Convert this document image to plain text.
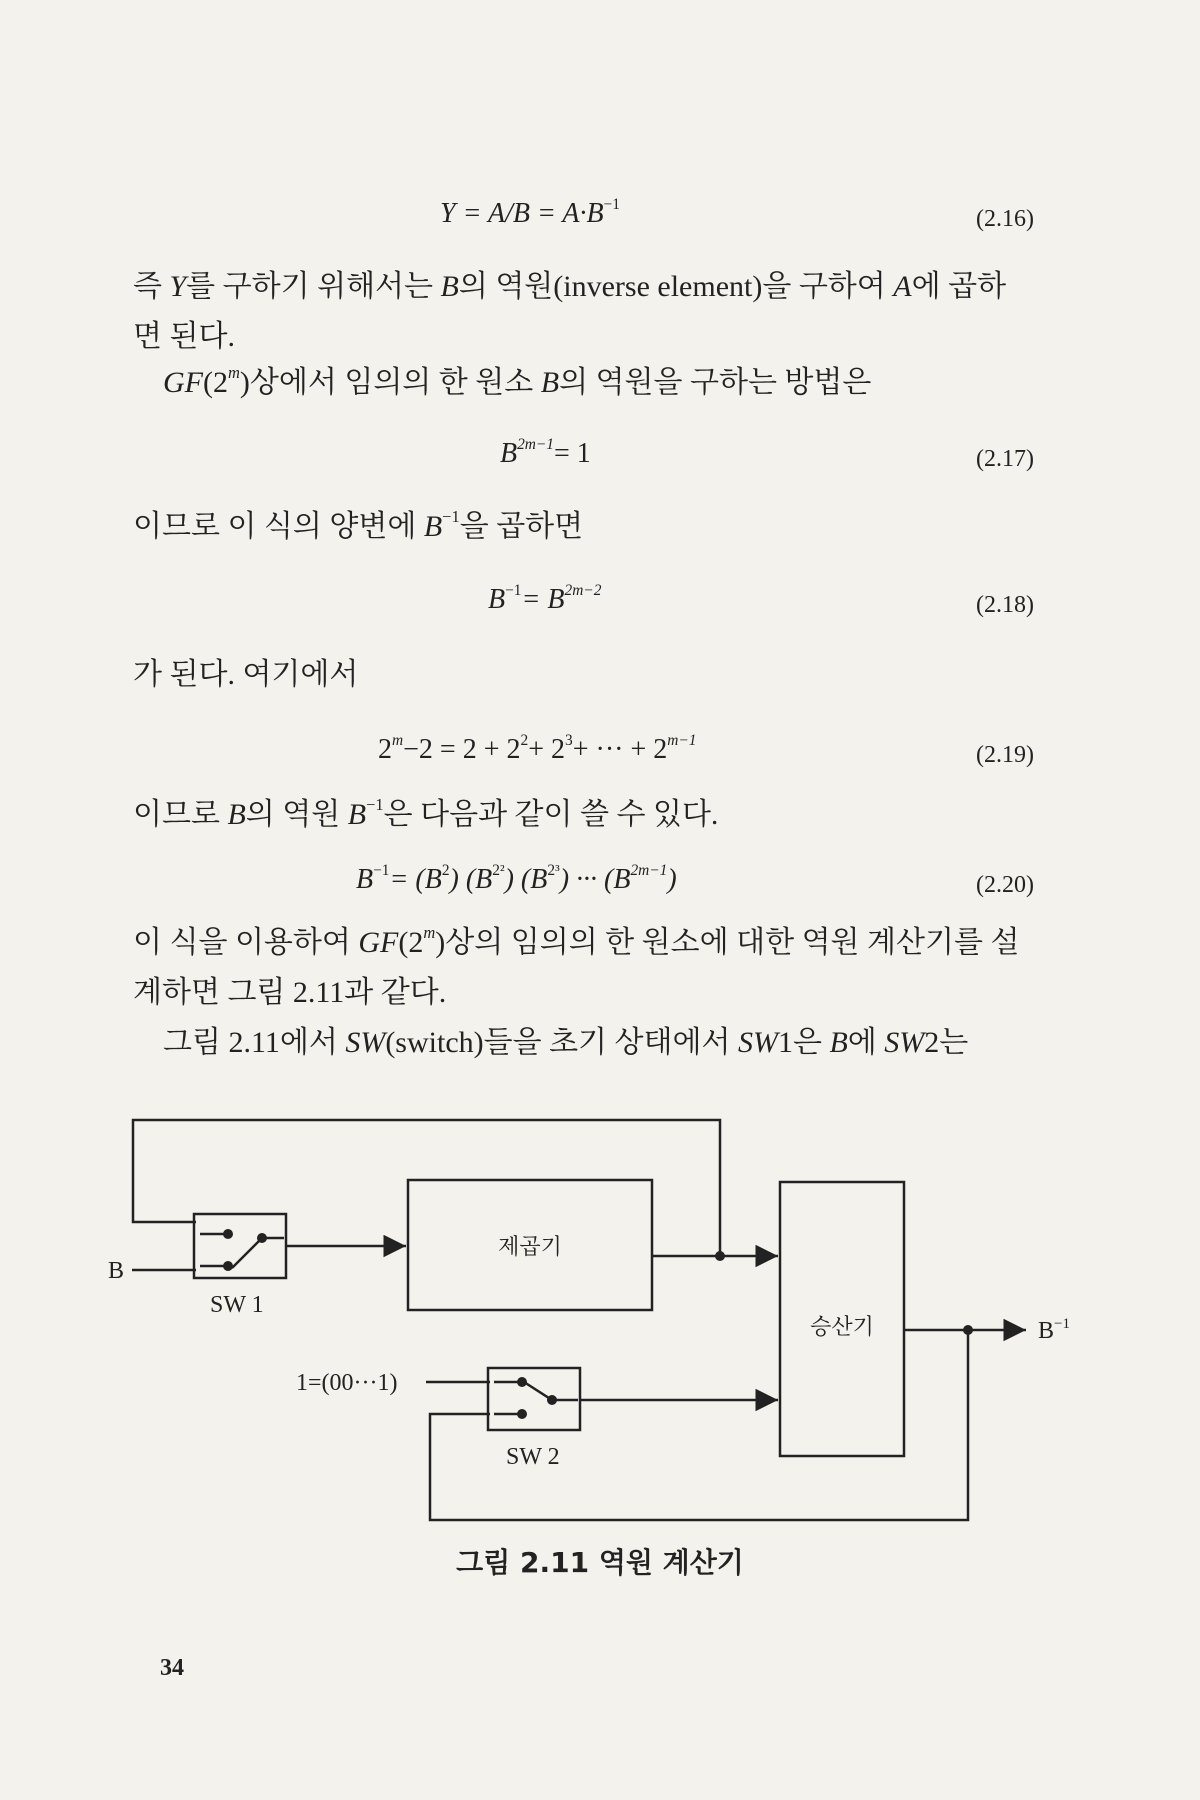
$Y = A/B = A\cdot B^{-1}$
(2.16)
즉 Y를 구하기 위해서는 B의 역원(inverse element)을 구하여 A에 곱하
면 된다.
GF(2$^m$)상에서 임의의 한 원소 B의 역원을 구하는 방법은
$B^{2m-1}= 1$	(2.17)
이므로 이 식의 양변에 $B^{-1}$을 곱하면
$B^{-1}= B^{2m-2}$
(2.18)
가 된다. 여기에서
$2^m-2 = 2 + 2^2+ 2^3+$ ··· + $2^{m-1}$
(2.19)
이므로 B의 역원 $B^{-1}$은 다음과 같이 쓸 수 있다.
$B^{-1}= (B^2)$ $(B^{2^2})$ $(B^{2^3})$ ··· $(B^{2m-1})$	(2.20)
이 식을 이용하여 GF(2$^m$)상의 임의의 한 원소에 대한 역원 계산기를 설
계하면 그림 2.11과 같다.
그림 2.11에서 SW(switch)들을 초기 상태에서 SW1은 B에 SW2는
B
SW 1
제곱기
승산기
1=(00···1)
SW 2
$B^{-1}$
그림 2.11 역원 계산기
34
